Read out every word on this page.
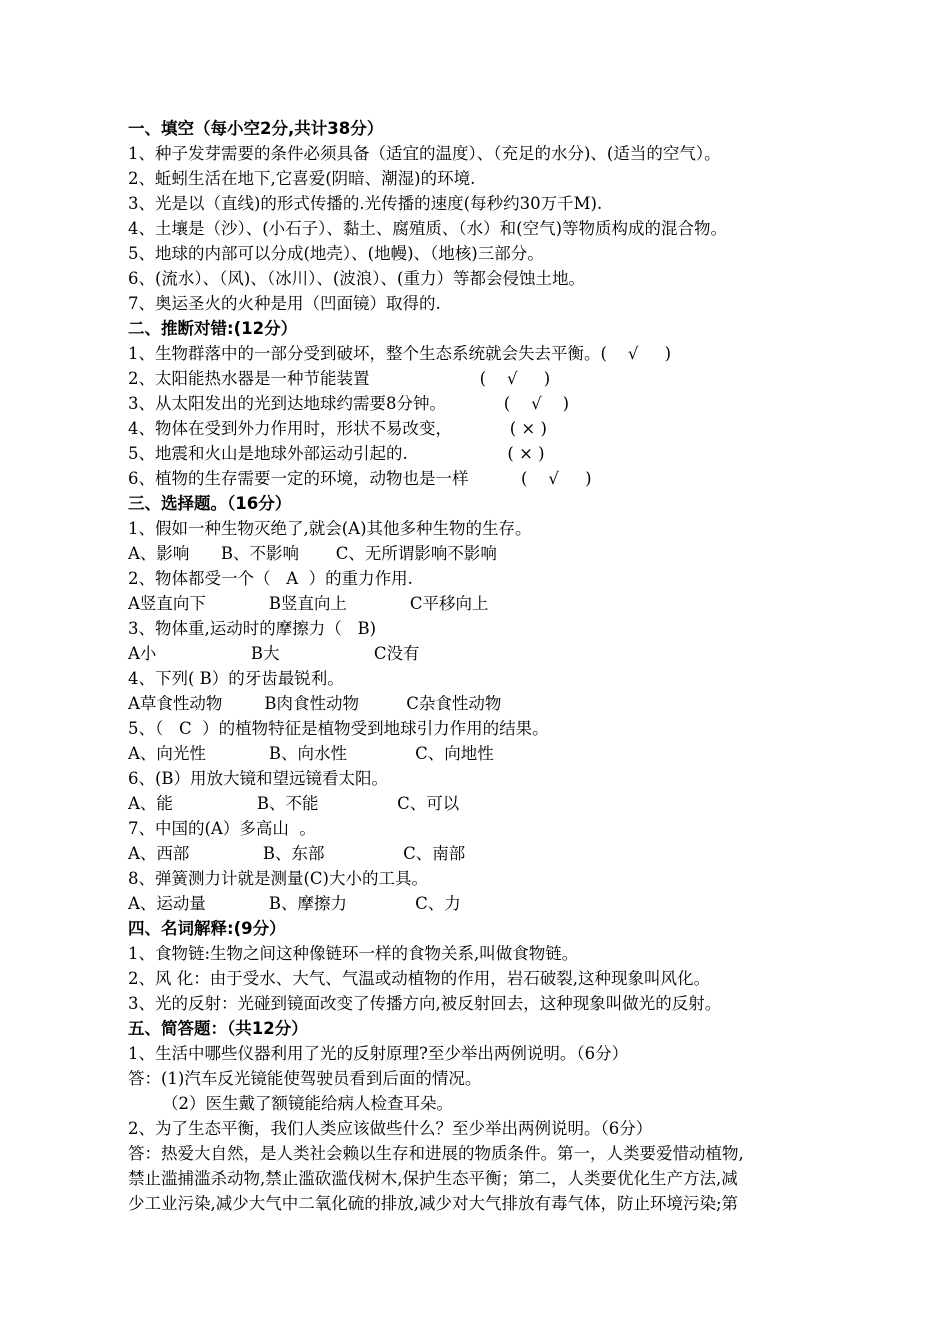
一、填空（每小空2分,共计38分）
1、种子发芽需要的条件必须具备（适宜的温度）、（充足的水分)、(适当的空气）。
2、蚯蚓生活在地下,它喜爱(阴暗、潮湿)的环境.
3、光是以（直线)的形式传播的.光传播的速度(每秒约30万千M).
4、土壤是（沙）、(小石子）、黏土、腐殖质、（水）和(空气)等物质构成的混合物。
5、地球的内部可以分成(地壳）、(地幔)、（地核)三部分。
6、(流水）、（风)、（冰川）、(波浪）、(重力）等都会侵蚀土地。
7、奥运圣火的火种是用（凹面镜）取得的.
二、推断对错:(12分）
1、生物群落中的一部分受到破坏，整个生态系统就会失去平衡。(    √     )
2、太阳能热水器是一种节能装置                     (    √     )
3、从太阳发出的光到达地球约需要8分钟。           (    √    )
4、物体在受到外力作用时，形状不易改变，           ( × )
5、地震和火山是地球外部运动引起的.                   ( × )
6、植物的生存需要一定的环境，动物也是一样          (    √     )
三、选择题。（16分）
1、假如一种生物灭绝了,就会(A)其他多种生物的生存。
A、影响      B、不影响       C、无所谓影响不影响
2、物体都受一个（   A  ）的重力作用.
A竖直向下            B竖直向上            C平移向上
3、物体重,运动时的摩擦力（   B)
A小                  B大                  C没有
4、下列( B）的牙齿最锐利。
A草食性动物        B肉食性动物         C杂食性动物
5、（   C  ）的植物特征是植物受到地球引力作用的结果。
A、向光性            B、向水性             C、向地性
6、(B）用放大镜和望远镜看太阳。
A、能                B、不能               C、可以
7、中国的(A）多高山  。
A、西部              B、东部               C、南部
8、弹簧测力计就是测量(C)大小的工具。
A、运动量            B、摩擦力             C、力
四、名词解释:(9分）
1、食物链:生物之间这种像链环一样的食物关系,叫做食物链。
2、风 化：由于受水、大气、气温或动植物的作用，岩石破裂,这种现象叫风化。
3、光的反射：光碰到镜面改变了传播方向,被反射回去，这种现象叫做光的反射。
五、简答题：（共12分）
1、生活中哪些仪器利用了光的反射原理?至少举出两例说明。（6分）
答：(1)汽车反光镜能使驾驶员看到后面的情况。
（2）医生戴了额镜能给病人检查耳朵。
2、为了生态平衡，我们人类应该做些什么？至少举出两例说明。（6分）
答：热爱大自然，是人类社会赖以生存和进展的物质条件。第一，人类要爱惜动植物,
禁止滥捕滥杀动物,禁止滥砍滥伐树木,保护生态平衡；第二，人类要优化生产方法,减
少工业污染,减少大气中二氧化硫的排放,减少对大气排放有毒气体，防止环境污染;第
